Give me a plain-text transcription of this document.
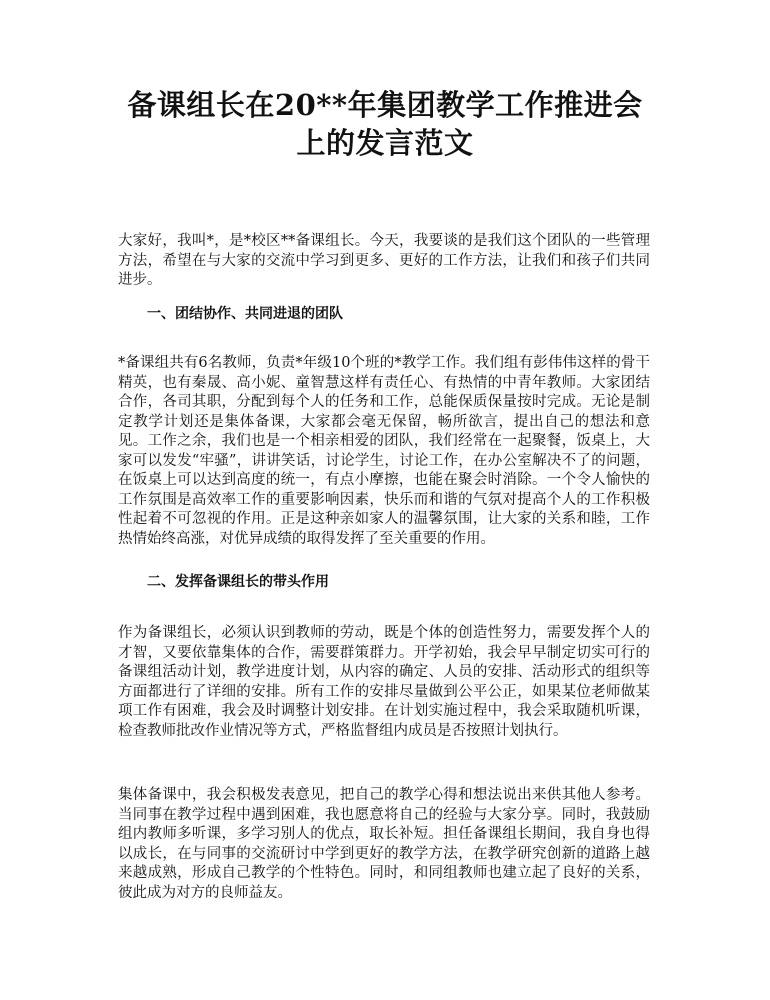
备课组长在20**年集团教学工作推进会
上的发言范文
大家好，我叫*，是*校区**备课组长。今天，我要谈的是我们这个团队的一些管理方法，希望在与大家的交流中学习到更多、更好的工作方法，让我们和孩子们共同进步。
一、团结协作、共同进退的团队
*备课组共有6名教师，负责*年级10个班的*教学工作。我们组有彭伟伟这样的骨干精英，也有秦晟、高小妮、童智慧这样有责任心、有热情的中青年教师。大家团结合作，各司其职，分配到每个人的任务和工作，总能保质保量按时完成。无论是制定教学计划还是集体备课，大家都会毫无保留，畅所欲言，提出自己的想法和意见。工作之余，我们也是一个相亲相爱的团队，我们经常在一起聚餐，饭桌上，大家可以发发“牢骚”，讲讲笑话，讨论学生，讨论工作，在办公室解决不了的问题，在饭桌上可以达到高度的统一，有点小摩擦，也能在聚会时消除。一个令人愉快的工作氛围是高效率工作的重要影响因素，快乐而和谐的气氛对提高个人的工作积极性起着不可忽视的作用。正是这种亲如家人的温馨氛围，让大家的关系和睦，工作热情始终高涨，对优异成绩的取得发挥了至关重要的作用。
二、发挥备课组长的带头作用
作为备课组长，必须认识到教师的劳动，既是个体的创造性努力，需要发挥个人的才智，又要依靠集体的合作，需要群策群力。开学初始，我会早早制定切实可行的备课组活动计划，教学进度计划，从内容的确定、人员的安排、活动形式的组织等方面都进行了详细的安排。所有工作的安排尽量做到公平公正，如果某位老师做某项工作有困难，我会及时调整计划安排。在计划实施过程中，我会采取随机听课，检查教师批改作业情况等方式，严格监督组内成员是否按照计划执行。
集体备课中，我会积极发表意见，把自己的教学心得和想法说出来供其他人参考。当同事在教学过程中遇到困难，我也愿意将自己的经验与大家分享。同时，我鼓励组内教师多听课，多学习别人的优点，取长补短。担任备课组长期间，我自身也得以成长，在与同事的交流研讨中学到更好的教学方法，在教学研究创新的道路上越来越成熟，形成自己教学的个性特色。同时，和同组教师也建立起了良好的关系，彼此成为对方的良师益友。
